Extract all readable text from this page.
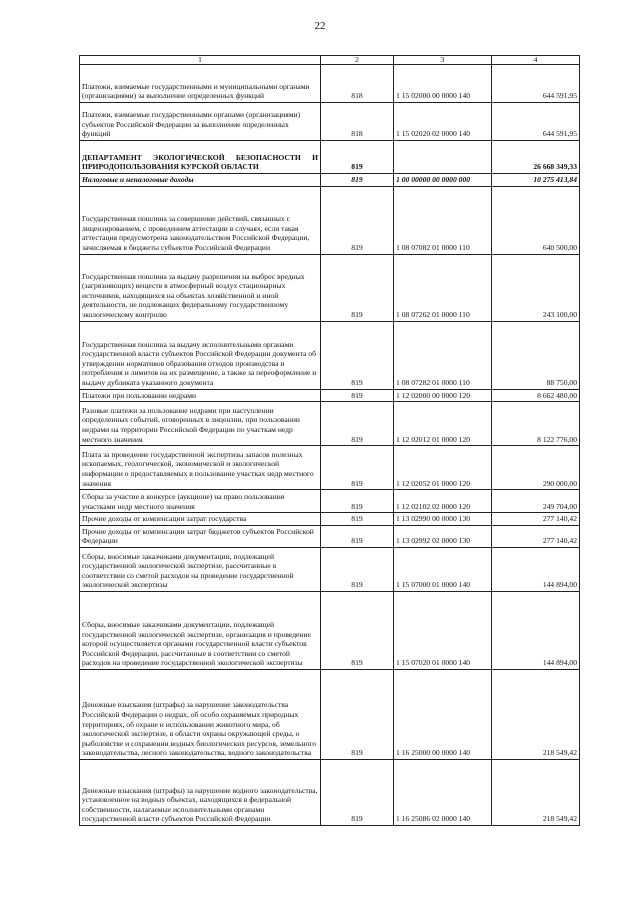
22
1	2	3	4
Платежи, взимаемые государственными и муниципальными органами (организациями) за выполнение определенных функций	818	1 15 02000 00 0000 140	644 591,95
Платежи, взимаемые государственными органами (организациями) субъектов Российской Федерации за выполнение определенных функций	818	1 15 02020 02 0000 140	644 591,95
ДЕПАРТАМЕНТ ЭКОЛОГИЧЕСКОЙ БЕЗОПАСНОСТИ И ПРИРОДОПОЛЬЗОВАНИЯ КУРСКОЙ ОБЛАСТИ	819		26 668 349,33
Налоговые и неналоговые доходы	819	1 00 00000 00 0000 000	10 275 413,84
Государственная пошлина за совершение действий, связанных с лицензированием, с проведением аттестации в случаях, если такая аттестация предусмотрена законодательством Российской Федерации, зачисляемая в бюджеты субъектов Российской Федерации	819	1 08 07082 01 0000 110	640 500,00
Государственная пошлина за выдачу разрешения на выброс вредных (загрязняющих) веществ в атмосферный воздух стационарных источников, находящихся на объектах хозяйственной и иной деятельности, не подлежащих федеральному государственному экологическому контролю	819	1 08 07262 01 0000 110	243 100,00
Государственная пошлина за выдачу исполнительными органами государственной власти субъектов Российской Федерации документа об утверждении нормативов образования отходов производства и потребления и лимитов на их размещение, а также за переоформление и выдачу дубликата указанного документа	819	1 08 07282 01 0000 110	88 750,00
Платежи при пользовании недрами	819	1 12 02000 00 0000 120	8 662 480,00
Разовые платежи за пользование недрами при наступлении определенных событий, оговоренных в лицензии, при пользовании недрами на территории Российской Федерации по участкам недр местного значения	819	1 12 02012 01 0000 120	8 122 776,00
Плата за проведение государственной экспертизы запасов полезных ископаемых, геологической, экономической и экологической информации о предоставляемых в пользование участках недр местного значения	819	1 12 02052 01 0000 120	290 000,00
Сборы за участие в конкурсе (аукционе) на право пользования участками недр местного значения	819	1 12 02102 02 0000 120	249 704,00
Прочие доходы от компенсации затрат государства	819	1 13 02990 00 0000 130	277 140,42
Прочие доходы от компенсации затрат бюджетов субъектов Российской Федерации	819	1 13 02992 02 0000 130	277 140,42
Сборы, вносимые заказчиками документации, подлежащей государственной экологической экспертизе, рассчитанные в соответствии со сметой расходов на проведение государственной экологической экспертизы	819	1 15 07000 01 0000 140	144 894,00
Сборы, вносимые заказчиками документации, подлежащей государственной экологической экспертизе, организация и проведение которой осуществляется органами государственной власти субъектов Российской Федерации, рассчитанные в соответствии со сметой расходов на проведение государственной экологической экспертизы	819	1 15 07020 01 0000 140	144 894,00
Денежные взыскания (штрафы) за нарушение законодательства Российской Федерации о недрах, об особо охраняемых природных территориях, об охране и использовании животного мира, об экологической экспертизе, в области охраны окружающей среды, о рыболовстве и сохранении водных биологических ресурсов, земельного законодательства, лесного законодательства, водного законодательства	819	1 16 25000 00 0000 140	218 549,42
Денежные взыскания (штрафы) за нарушение водного законодательства, установленное на водных объектах, находящихся в федеральной собственности, налагаемые исполнительными органами государственной власти субъектов Российской Федерации	819	1 16 25086 02 0000 140	218 549,42
